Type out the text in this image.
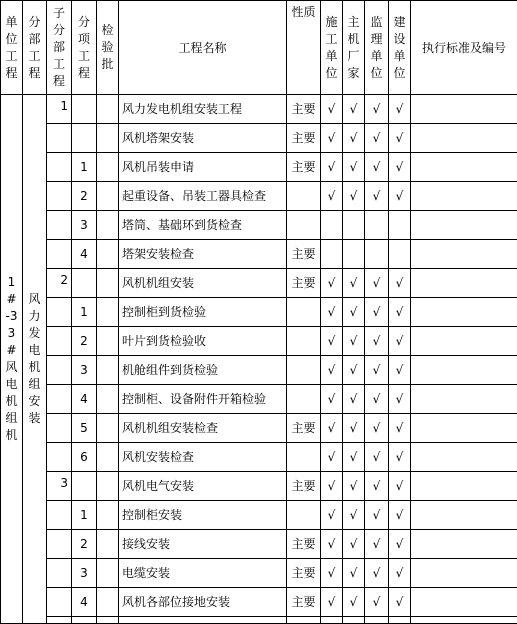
单位工程	分部工程	子分部工程	分项工程	检验批	工程名称	性质	施工单位	主机厂家	监理单位	建设单位	执行标准及编号

1#-33#风电机组机	风力发电机组安装	1			风力发电机组安装工程	主要	√	√	√	√	
					风机塔架安装	主要	√	√	√	√	
			1		风机吊装申请	主要	√	√	√	√	
			2		起重设备、吊装工器具检查		√	√	√	√	
			3		塔筒、基础环到货检查						
			4		塔架安装检查	主要					
		2			风机机组安装	主要	√	√	√	√	
			1		控制柜到货检验		√	√	√	√	
			2		叶片到货检验收		√	√	√	√	
			3		机舱组件到货检验		√	√	√	√	
			4		控制柜、设备附件开箱检验		√	√	√	√	
			5		风机机组安装检查	主要	√	√	√	√	
			6		风机安装检查		√	√	√	√	
		3			风机电气安装	主要	√	√	√	√	
			1		控制柜安装		√	√	√	√	
			2		接线安装	主要	√	√	√	√	
			3		电缆安装	主要	√	√	√	√	
			4		风机各部位接地安装	主要	√	√	√	√	
